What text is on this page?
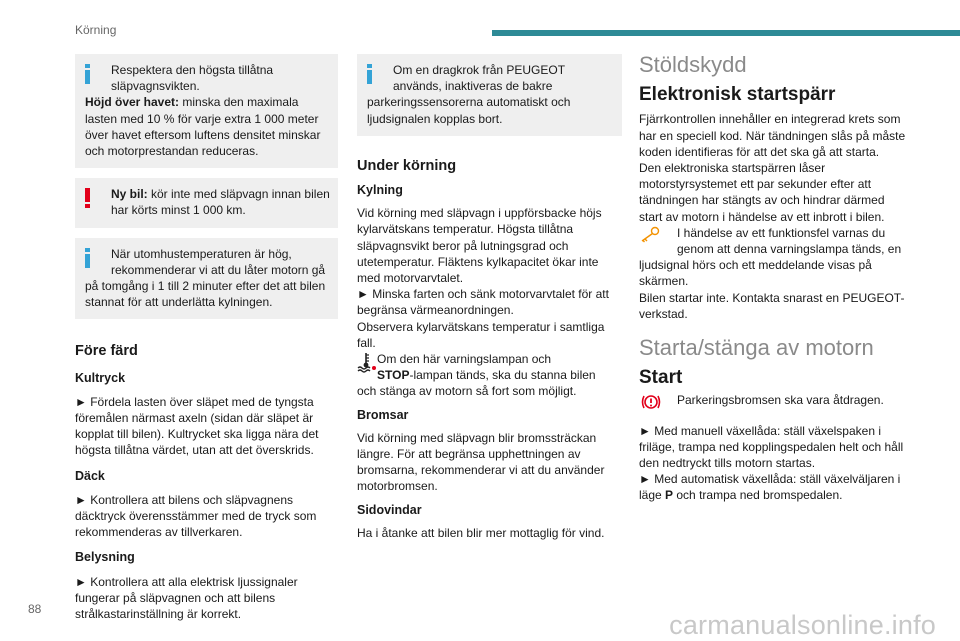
Körning

Respektera den högsta tillåtna

släpvagnsvikten.

Höjd över havet: minska den maximala lasten med 10 % för varje extra 1 000 meter över havet eftersom luftens densitet minskar och motorprestandan reduceras.

Ny bil: kör inte med släpvagn innan bilen

har körts minst 1 000 km.

När utomhustemperaturen är hög,

rekommenderar vi att du låter motorn gå

på tomgång i 1 till 2 minuter efter det att bilen stannat för att underlätta kylningen.

Före färd
Kultryck

► Fördela lasten över släpet med de tyngsta föremålen närmast axeln (sidan där släpet är kopplat till bilen). Kultrycket ska ligga nära det högsta tillåtna värdet, utan att det överskrids.

Däck

► Kontrollera att bilens och släpvagnens däcktryck överensstämmer med de tryck som rekommenderas av tillverkaren.

Belysning

► Kontrollera att alla elektrisk ljussignaler fungerar på släpvagnen och att bilens strålkastarinställning är korrekt.

Om en dragkrok från PEUGEOT

används, inaktiveras de bakre

parkeringssensorerna automatiskt och ljudsignalen kopplas bort.

Under körning
Kylning

Vid körning med släpvagn i uppförsbacke höjs kylarvätskans temperatur. Högsta tillåtna släpvagnsvikt beror på lutningsgrad och utetemperatur. Fläktens kylkapacitet ökar inte med motorvarvtalet.

► Minska farten och sänk motorvarvtalet för att begränsa värmeanordningen.

Observera kylarvätskans temperatur i samtliga fall.

Om den här varningslampan och

STOP-lampan tänds, ska du stanna bilen

och stänga av motorn så fort som möjligt.

Bromsar

Vid körning med släpvagn blir bromssträckan längre. För att begränsa upphettningen av bromsarna, rekommenderar vi att du använder motorbromsen.

Sidovindar

Ha i åtanke att bilen blir mer mottaglig för vind.

Stöldskydd
Elektronisk startspärr

Fjärrkontrollen innehåller en integrerad krets som har en speciell kod. När tändningen slås på måste koden identifieras för att det ska gå att starta.

Den elektroniska startspärren låser motorstyrsystemet ett par sekunder efter att tändningen har stängts av och hindrar därmed start av motorn i händelse av ett inbrott i bilen.

I händelse av ett funktionsfel varnas du

genom att denna varningslampa tänds, en

ljudsignal hörs och ett meddelande visas på skärmen.

Bilen startar inte. Kontakta snarast en PEUGEOT-verkstad.

Starta/stänga av motorn
Start

Parkeringsbromsen ska vara åtdragen.

► Med manuell växellåda: ställ växelspaken i friläge, trampa ned kopplingspedalen helt och håll den nedtryckt tills motorn startas.

► Med automatisk växellåda: ställ växelväljaren i läge P och trampa ned bromspedalen.

88
carmanualsonline.info
